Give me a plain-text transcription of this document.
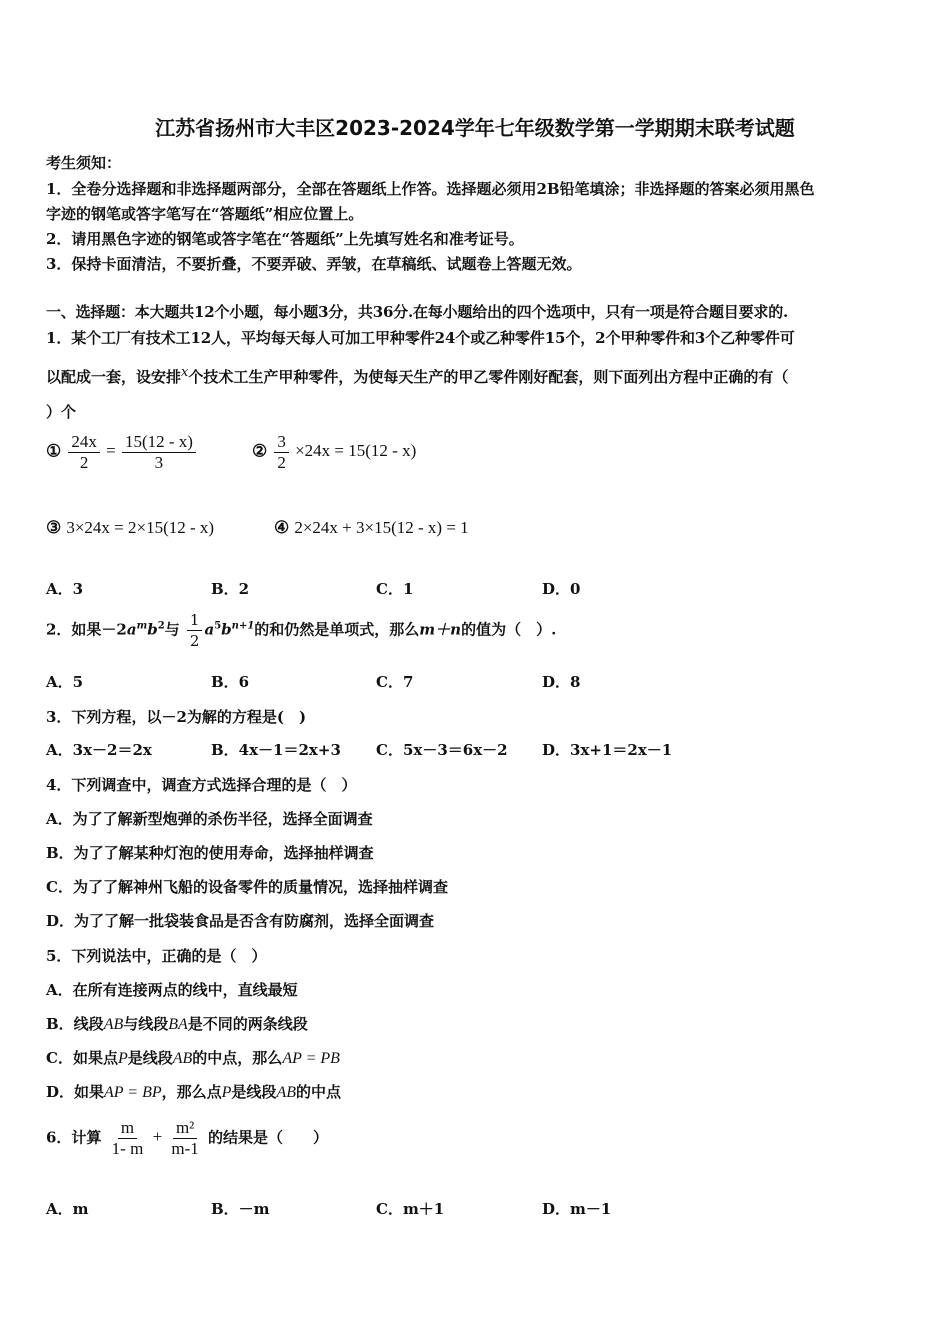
江苏省扬州市大丰区2023-2024学年七年级数学第一学期期末联考试题
考生须知：
1．全卷分选择题和非选择题两部分，全部在答题纸上作答。选择题必须用2B铅笔填涂；非选择题的答案必须用黑色
字迹的钢笔或答字笔写在“答题纸”相应位置上。
2．请用黑色字迹的钢笔或答字笔在“答题纸”上先填写姓名和准考证号。
3．保持卡面清洁，不要折叠，不要弄破、弄皱，在草稿纸、试题卷上答题无效。
一、选择题：本大题共12个小题，每小题3分，共36分.在每小题给出的四个选项中，只有一项是符合题目要求的.
1．某个工厂有技术工12人，平均每天每人可加工甲种零件24个或乙种零件15个，2个甲种零件和3个乙种零件可
以配成一套，设安排$^x$个技术工生产甲种零件，为使每天生产的甲乙零件刚好配套，则下面列出方程中正确的有（
）个
① $\frac{24x}{2} = \frac{15(12 - x)}{3}$	② $\frac{3}{2} \times 24x = 15(12 - x)$
③ 3×24x = 2×15(12 - x)	④ 2×24x + 3×15(12 - x) = 1
A．3	B．2	C．1	D．0
2．如果$-2a^mb^2$与 $\frac{1}{2} a^5b^{n+1}$的和仍然是单项式，那么m＋n的值为（　）.
A．5	B．6	C．7	D．8
3．下列方程，以－2为解的方程是(　)
A．3x－2＝2x	B．4x－1＝2x+3 C．5x－3＝6x－2 D．3x+1＝2x－1
4．下列调查中，调查方式选择合理的是（　）
A．为了了解新型炮弹的杀伤半径，选择全面调查
B．为了了解某种灯泡的使用寿命，选择抽样调查
C．为了了解神州飞船的设备零件的质量情况，选择抽样调查
D．为了了解一批袋装食品是否含有防腐剂，选择全面调查
5．下列说法中，正确的是（　）
A．在所有连接两点的线中，直线最短
B．线段AB与线段BA是不同的两条线段
C．如果点P是线段AB的中点，那么AP = PB
D．如果AP = BP，那么点P是线段AB的中点
6．计算 $\frac{m}{1- m} + \frac{\text{m²}}{m-1}$ 的结果是（　　）
A．m	B．－m	C．m＋1	D．m－1
